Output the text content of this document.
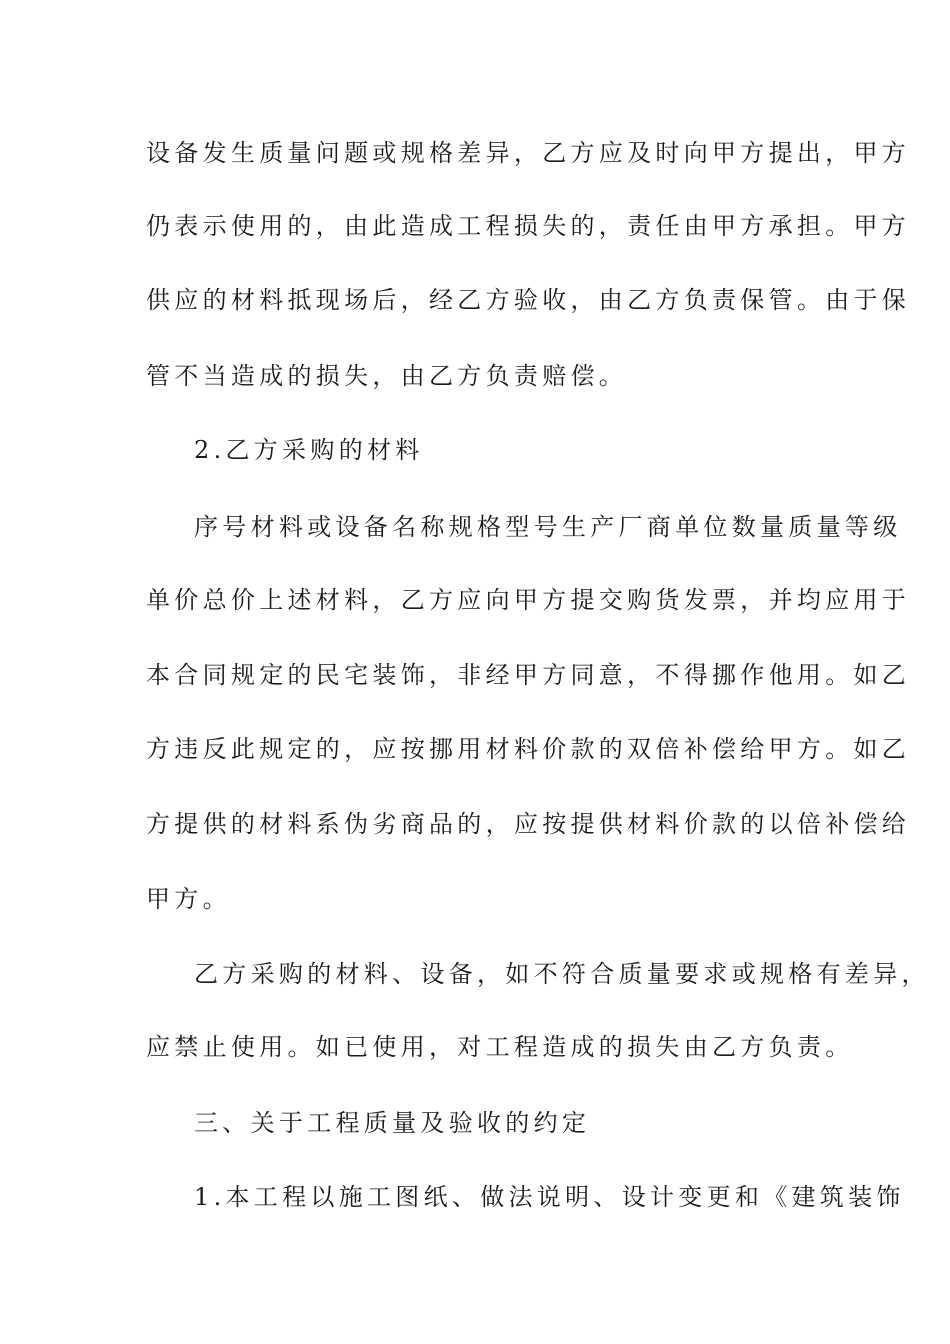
设备发生质量问题或规格差异，乙方应及时向甲方提出，甲方
仍表示使用的，由此造成工程损失的，责任由甲方承担。甲方
供应的材料抵现场后，经乙方验收，由乙方负责保管。由于保
管不当造成的损失，由乙方负责赔偿。
2.乙方采购的材料
序号材料或设备名称规格型号生产厂商单位数量质量等级
单价总价上述材料，乙方应向甲方提交购货发票，并均应用于
本合同规定的民宅装饰，非经甲方同意，不得挪作他用。如乙
方违反此规定的，应按挪用材料价款的双倍补偿给甲方。如乙
方提供的材料系伪劣商品的，应按提供材料价款的以倍补偿给
甲方。
乙方采购的材料、设备，如不符合质量要求或规格有差异，
应禁止使用。如已使用，对工程造成的损失由乙方负责。
三、关于工程质量及验收的约定
1.本工程以施工图纸、做法说明、设计变更和《建筑装饰
